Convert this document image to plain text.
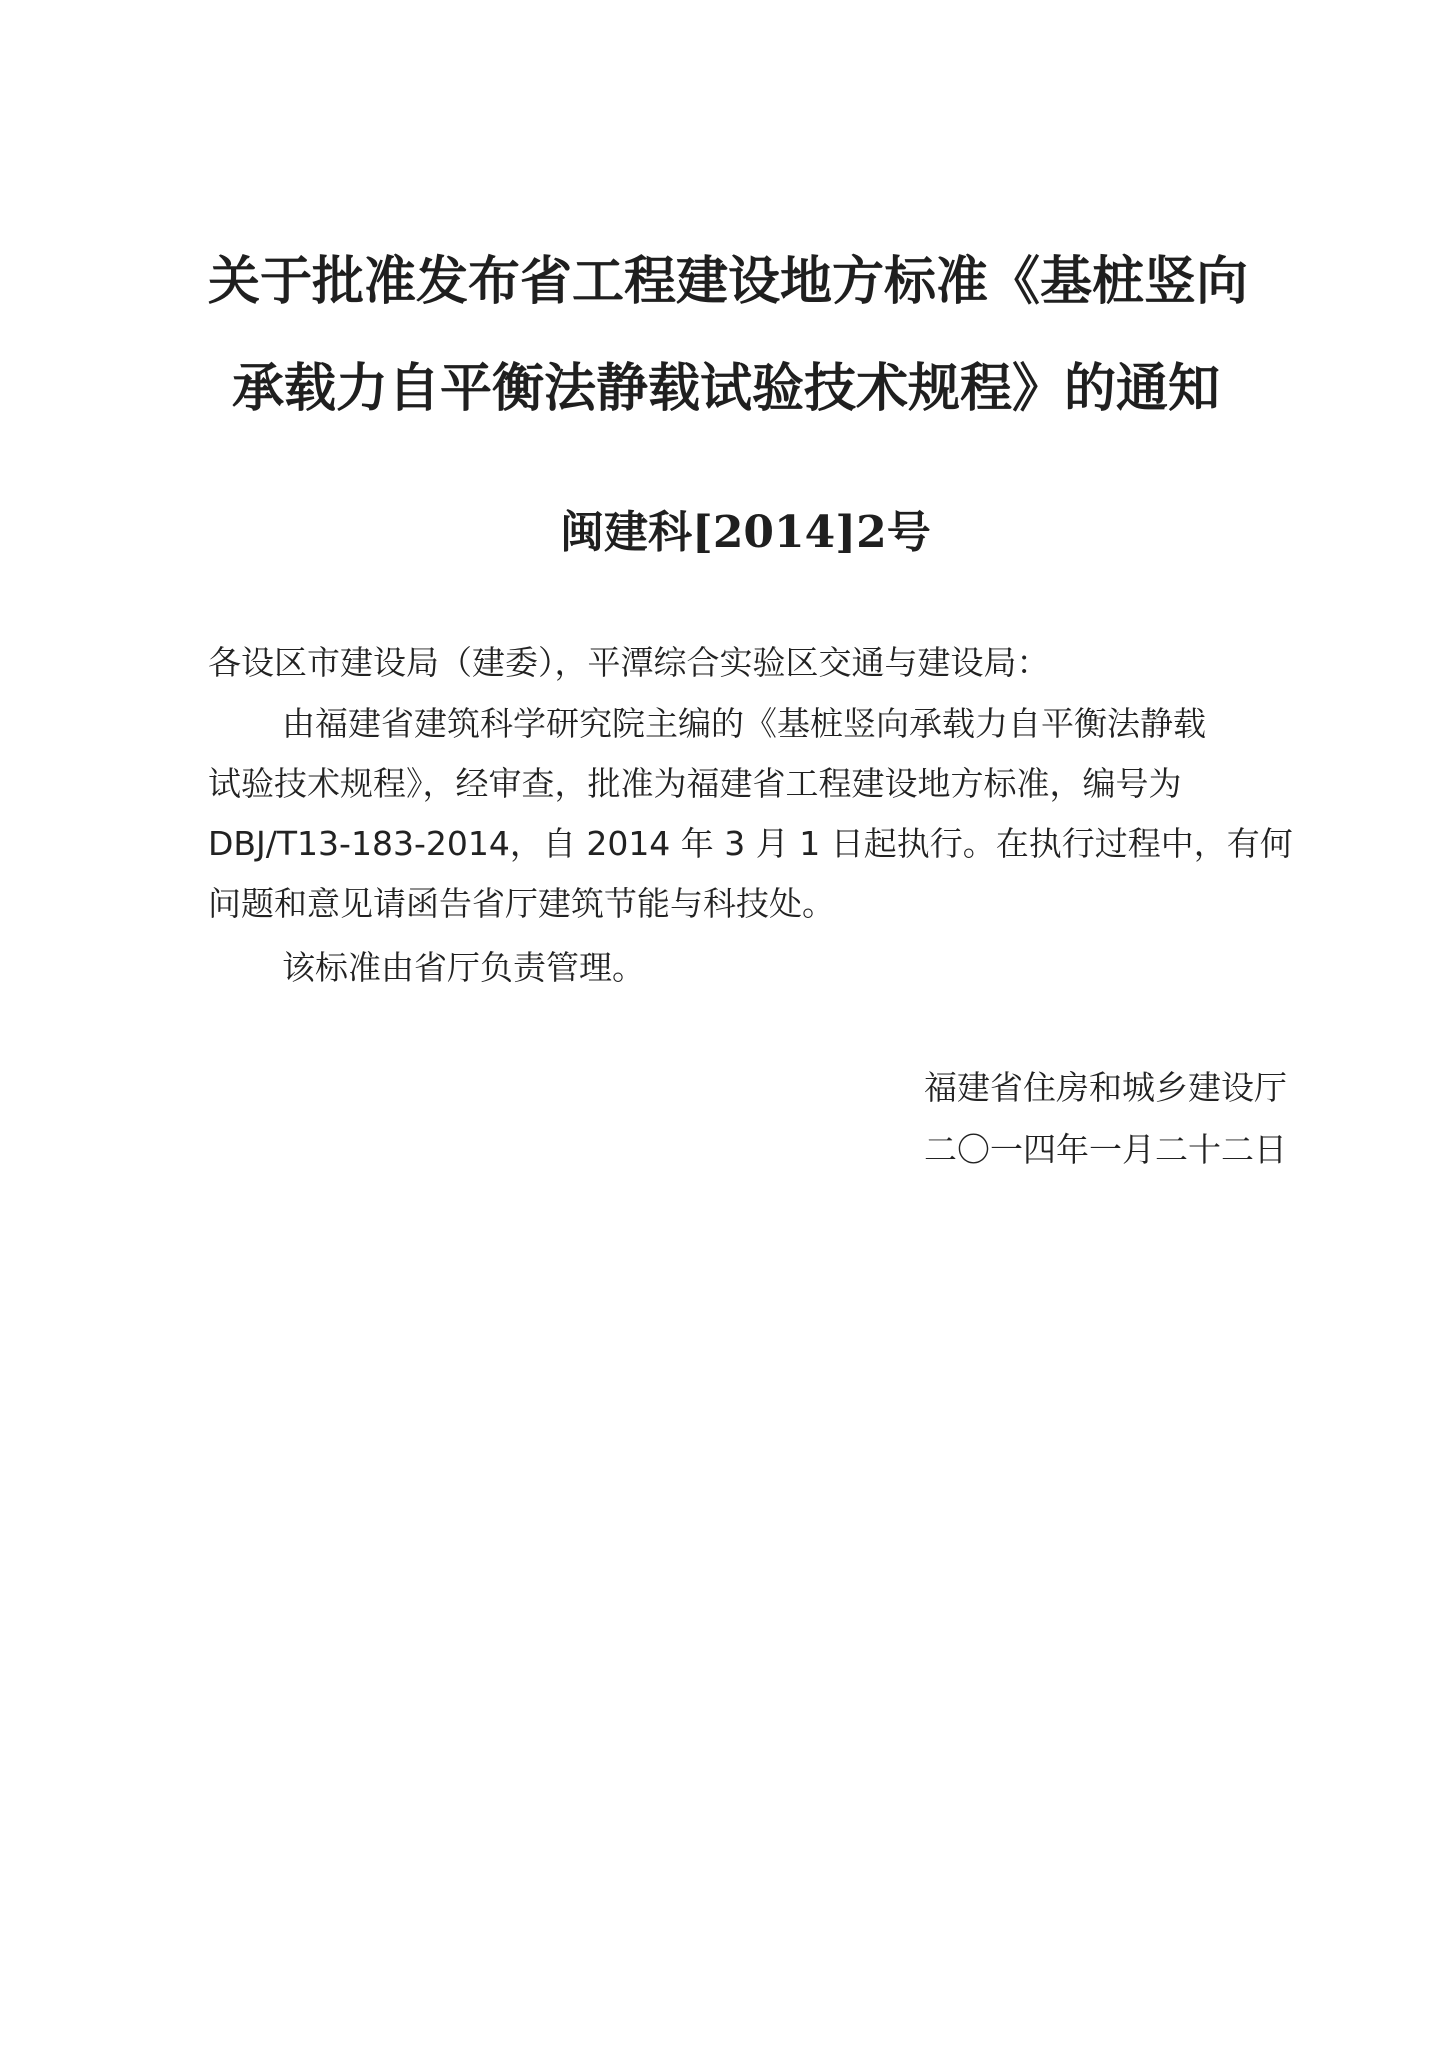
关于批准发布省工程建设地方标准《基桩竖向
承载力自平衡法静载试验技术规程》的通知
闽建科[2014]2号
各设区市建设局（建委），平潭综合实验区交通与建设局：
由福建省建筑科学研究院主编的《基桩竖向承载力自平衡法静载
试验技术规程》，经审查，批准为福建省工程建设地方标准，编号为
DBJ/T13-183-2014，自 2014 年 3 月 1 日起执行。在执行过程中，有何
问题和意见请函告省厅建筑节能与科技处。
该标准由省厅负责管理。
福建省住房和城乡建设厅
二〇一四年一月二十二日
